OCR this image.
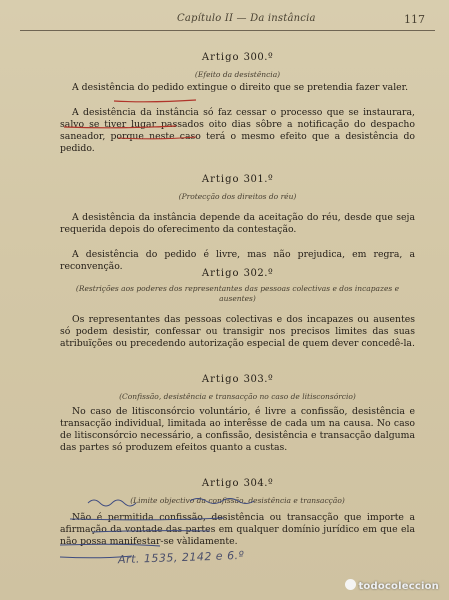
Capítulo II — Da instância	117
Artigo 300.º
(Efeito da desistência)
A desistência do pedido extingue o direito que se pretendia fazer valer.
A desistência da instância só faz cessar o processo que se instaurara, salvo se tiver lugar passados oito dias sôbre a notificação do despacho saneador, porque neste caso terá o mesmo efeito que a desistência do pedido.
Artigo 301.º
(Protecção dos direitos do réu)
A desistência da instância depende da aceitação do réu, desde que seja requerida depois do oferecimento da contestação.
A desistência do pedido é livre, mas não prejudica, em regra, a reconvenção.
Artigo 302.º
(Restrições aos poderes dos representantes das pessoas colectivas e dos incapazes e ausentes)
Os representantes das pessoas colectivas e dos incapazes ou ausentes só podem desistir, confessar ou transigir nos precisos limites das suas atribuïções ou precedendo autorização especial de quem dever concedê-la.
Artigo 303.º
(Confissão, desistência e transacção no caso de litisconsórcio)
No caso de litisconsórcio voluntário, é livre a confissão, desistência e transacção individual, limitada ao interêsse de cada um na causa. No caso de litisconsórcio necessário, a confissão, desistência e transacção dalguma das partes só produzem efeitos quanto a custas.
Artigo 304.º
(Limite objectivo da confissão, desistência e transacção)
Não é permitida confissão, desistência ou transacção que importe a afirmação da vontade das partes em qualquer domínio jurídico em que ela não possa manifestar-se vàlidamente.
Art. 1535, 2142 e 6.º
todocoleccion
